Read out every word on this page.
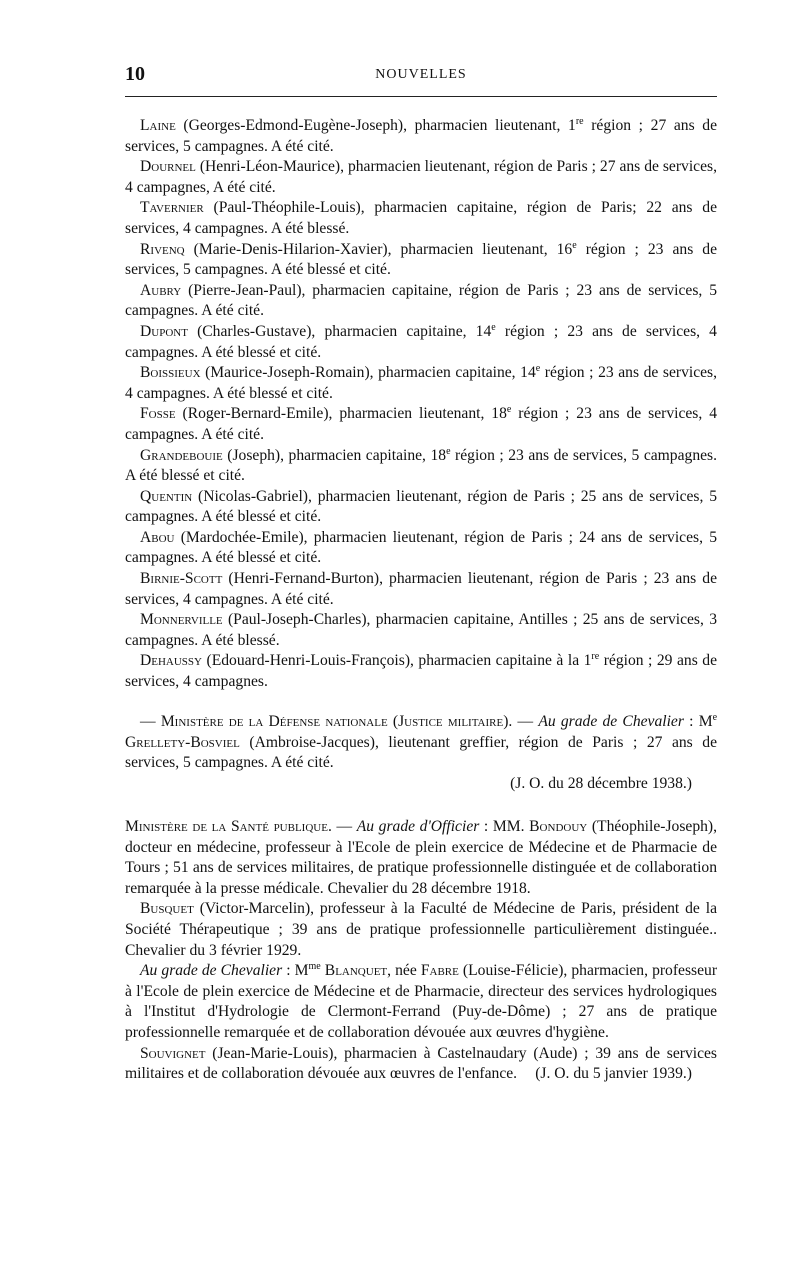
10	NOUVELLES

Laine (Georges-Edmond-Eugène-Joseph), pharmacien lieutenant, 1re région ; 27 ans de services, 5 campagnes. A été cité.

Dournel (Henri-Léon-Maurice), pharmacien lieutenant, région de Paris ; 27 ans de services, 4 campagnes, A été cité.

Tavernier (Paul-Théophile-Louis), pharmacien capitaine, région de Paris; 22 ans de services, 4 campagnes. A été blessé.

Rivenq (Marie-Denis-Hilarion-Xavier), pharmacien lieutenant, 16e région ; 23 ans de services, 5 campagnes. A été blessé et cité.

Aubry (Pierre-Jean-Paul), pharmacien capitaine, région de Paris ; 23 ans de services, 5 campagnes. A été cité.

Dupont (Charles-Gustave), pharmacien capitaine, 14e région ; 23 ans de services, 4 campagnes. A été blessé et cité.

Boissieux (Maurice-Joseph-Romain), pharmacien capitaine, 14e région ; 23 ans de services, 4 campagnes. A été blessé et cité.

Fosse (Roger-Bernard-Emile), pharmacien lieutenant, 18e région ; 23 ans de services, 4 campagnes. A été cité.

Grandebouie (Joseph), pharmacien capitaine, 18e région ; 23 ans de services, 5 campagnes. A été blessé et cité.

Quentin (Nicolas-Gabriel), pharmacien lieutenant, région de Paris ; 25 ans de services, 5 campagnes. A été blessé et cité.

Abou (Mardochée-Emile), pharmacien lieutenant, région de Paris ; 24 ans de services, 5 campagnes. A été blessé et cité.

Birnie-Scott (Henri-Fernand-Burton), pharmacien lieutenant, région de Paris ; 23 ans de services, 4 campagnes. A été cité.

Monnerville (Paul-Joseph-Charles), pharmacien capitaine, Antilles ; 25 ans de services, 3 campagnes. A été blessé.

Dehaussy (Edouard-Henri-Louis-François), pharmacien capitaine à la 1re région ; 29 ans de services, 4 campagnes.

— Ministère de la Défense nationale (Justice militaire). — Au grade de Chevalier : Me Grellety-Bosviel (Ambroise-Jacques), lieutenant greffier, région de Paris ; 27 ans de services, 5 campagnes. A été cité.

(J. O. du 28 décembre 1938.)

Ministère de la Santé publique. — Au grade d'Officier : MM. Bondouy (Théophile-Joseph), docteur en médecine, professeur à l'Ecole de plein exercice de Médecine et de Pharmacie de Tours ; 51 ans de services militaires, de pratique professionnelle distinguée et de collaboration remarquée à la presse médicale. Chevalier du 28 décembre 1918.

Busquet (Victor-Marcelin), professeur à la Faculté de Médecine de Paris, président de la Société Thérapeutique ; 39 ans de pratique professionnelle particulièrement distinguée.. Chevalier du 3 février 1929.

Au grade de Chevalier : $M^{me}$ Blanquet, née Fabre (Louise-Félicie), pharmacien, professeur à l'Ecole de plein exercice de Médecine et de Pharmacie, directeur des services hydrologiques à l'Institut d'Hydrologie de Clermont-Ferrand (Puy-de-Dôme) ; 27 ans de pratique professionnelle remarquée et de collaboration dévouée aux œuvres d'hygiène.

Souvignet (Jean-Marie-Louis), pharmacien à Castelnaudary (Aude) ; 39 ans de services militaires et de collaboration dévouée aux œuvres de l'enfance.	(J. O. du 5 janvier 1939.)
